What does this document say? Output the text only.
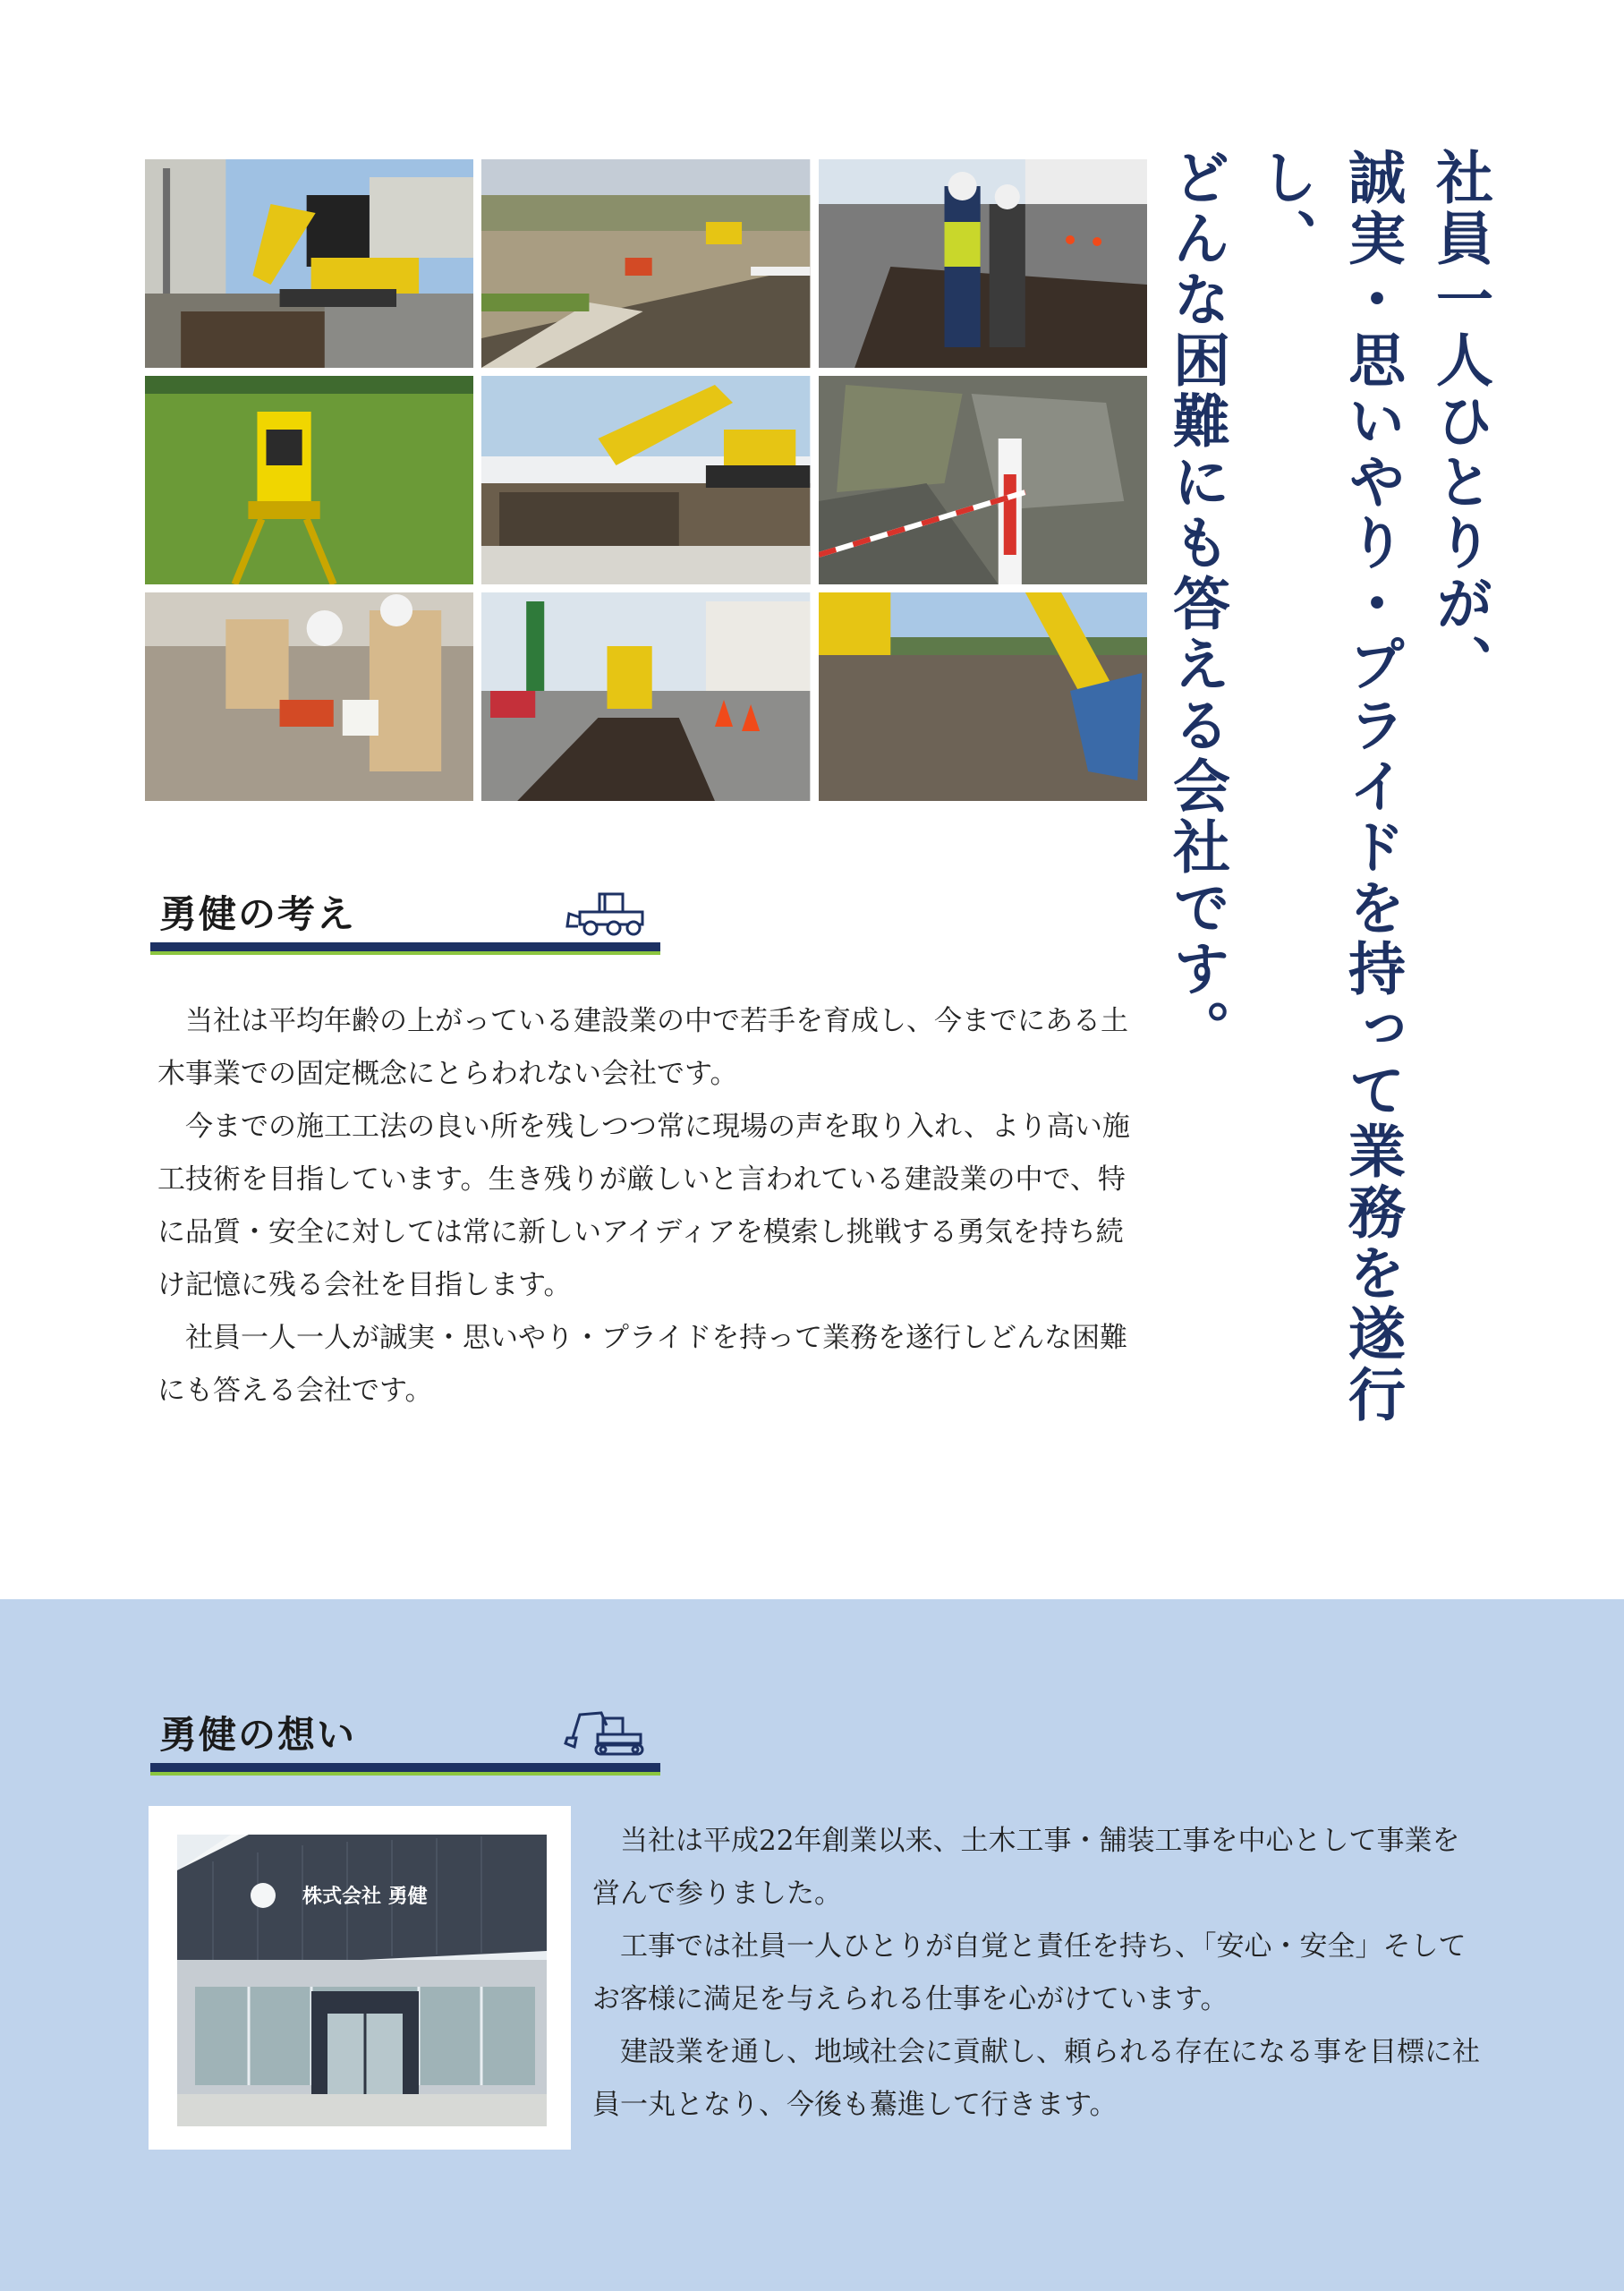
社員一人ひとりが、
誠実・思いやり・プライドを持って業務を遂行し、
どんな困難にも答える会社です。
勇健の考え

当社は平均年齢の上がっている建設業の中で若手を育成し、今までにある土木事業での固定概念にとらわれない会社です。

今までの施工工法の良い所を残しつつ常に現場の声を取り入れ、より高い施工技術を目指しています。生き残りが厳しいと言われている建設業の中で、特に品質・安全に対しては常に新しいアイディアを模索し挑戦する勇気を持ち続け記憶に残る会社を目指します。

社員一人一人が誠実・思いやり・プライドを持って業務を遂行しどんな困難にも答える会社です。

勇健の想い
株式会社 勇健

当社は平成22年創業以来、土木工事・舗装工事を中心として事業を営んで参りました。

工事では社員一人ひとりが自覚と責任を持ち、「安心・安全」そしてお客様に満足を与えられる仕事を心がけています。

建設業を通し、地域社会に貢献し、頼られる存在になる事を目標に社員一丸となり、今後も驀進して行きます。
